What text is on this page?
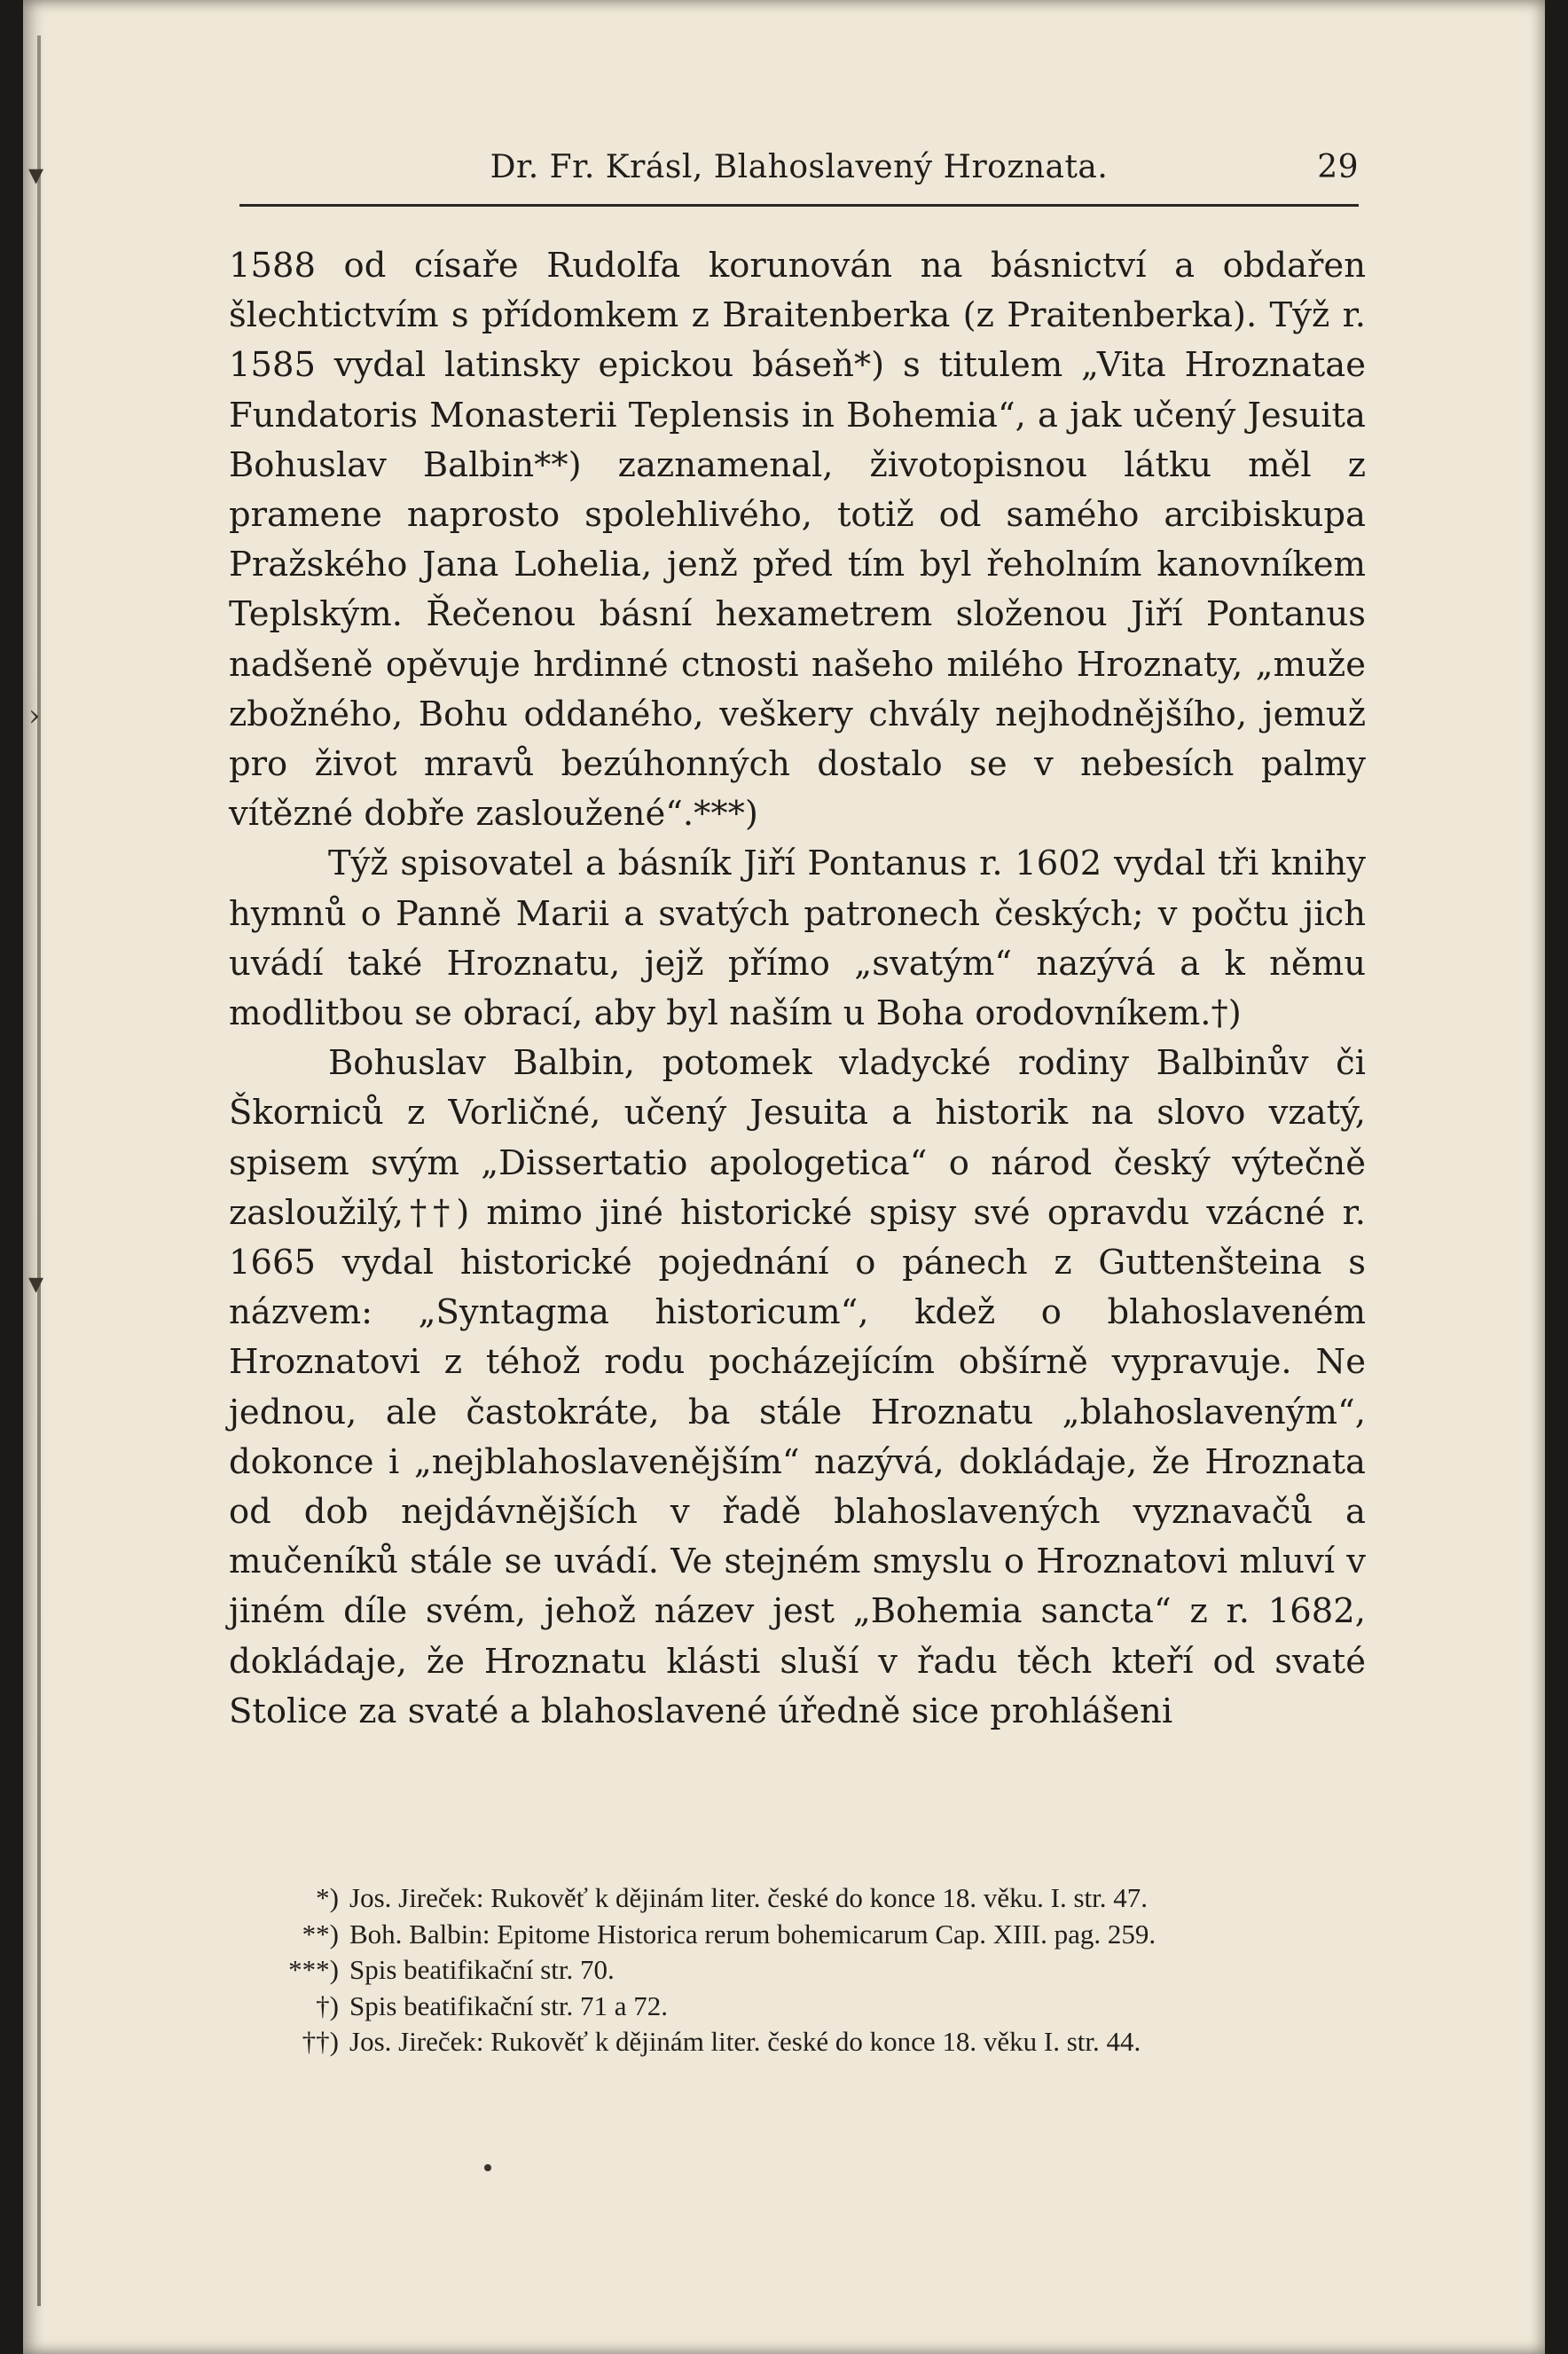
▾
›
▾
Dr. Fr. Krásl, Blahoslavený Hroznata.	29

1588 od císaře Rudolfa korunován na básnictví a obdařen šlechtictvím s přídomkem z Braitenberka (z Praitenberka). Týž r. 1585 vydal latinsky epickou báseň*) s titulem „Vita Hroznatae Fundatoris Monasterii Teplensis in Bohemia“, a jak učený Jesuita Bohuslav Balbin**) zaznamenal, životopisnou látku měl z pramene naprosto spolehlivého, totiž od samého arcibiskupa Pražského Jana Lohelia, jenž před tím byl řeholním kanovníkem Teplským. Řečenou básní hexametrem složenou Jiří Pontanus nadšeně opěvuje hrdinné ctnosti našeho milého Hroznaty, „muže zbožného, Bohu oddaného, veškery chvály nejhodnějšího, jemuž pro život mravů bezúhonných dostalo se v nebesích palmy vítězné dobře zasloužené“.***)

Týž spisovatel a básník Jiří Pontanus r. 1602 vydal tři knihy hymnů o Panně Marii a svatých patronech českých; v počtu jich uvádí také Hroznatu, jejž přímo „svatým“ nazývá a k němu modlitbou se obrací, aby byl naším u Boha orodovníkem.†)

Bohuslav Balbin, potomek vladycké rodiny Balbinův či Škorniců z Vorličné, učený Jesuita a historik na slovo vzatý, spisem svým „Dissertatio apologetica“ o národ český výtečně zasloužilý,††) mimo jiné historické spisy své opravdu vzácné r. 1665 vydal historické pojednání o pánech z Guttenšteina s názvem: „Syntagma historicum“, kdež o blahoslaveném Hroznatovi z téhož rodu pocházejícím obšírně vypravuje. Ne jednou, ale častokráte, ba stále Hroznatu „blahoslaveným“, dokonce i „nejblahoslavenějším“ nazývá, dokládaje, že Hroznata od dob nejdávnějších v řadě blahoslavených vyznavačů a mučeníků stále se uvádí. Ve stejném smyslu o Hroznatovi mluví v jiném díle svém, jehož název jest „Bohemia sancta“ z r. 1682, dokládaje, že Hroznatu klásti sluší v řadu těch kteří od svaté Stolice za svaté a blahoslavené úředně sice prohlášeni

*) Jos. Jireček: Rukověť k dějinám liter. české do konce 18. věku. I. str. 47.
**) Boh. Balbin: Epitome Historica rerum bohemicarum Cap. XIII. pag. 259.
***) Spis beatifikační str. 70.
†) Spis beatifikační str. 71 a 72.
††) Jos. Jireček: Rukověť k dějinám liter. české do konce 18. věku I. str. 44.
